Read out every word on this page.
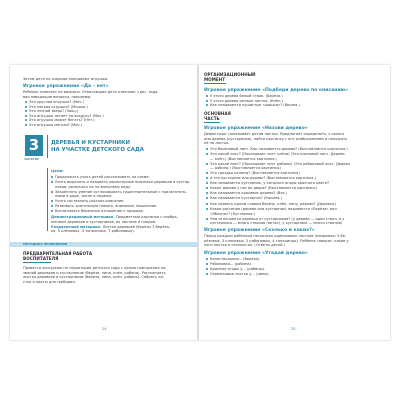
Затем дети по очереди описывают игрушки.
Игровое упражнение «Да – нет»
Ребёнок отвечает на вопросы. Отвечающие дети отвечают «да», зада-
вая наводящие вопросы, например:
Это круглая игрушка? (Мяч.)
Это мягкая игрушка? (Мишка.)
Это лесной зверь? (Заяц.)
Эта игрушка летает по воздуху? (Мяч.)
Эта игрушка может бегать? (Нет.)
Эта игрушка мягкая? (Мяч.)
3
ЗАНЯТИЕ
ДЕРЕВЬЯ И КУСТАРНИКИ
НА УЧАСТКЕ ДЕТСКОГО САДА
Цели:
Продолжать учить детей рассказывать по схеме.
Учить выделять и называть характерные признаки деревьев и кустар-
ников; различать их по внешнему виду.
Закреплять умение согласовывать существительные с прилагатель-
ными в роде, числе и падеже.
Учить составлять рассказ-описание.
Развивать зрительную память, внимание, мышление.
Воспитывать бережное отношение к природе.
Демонстрационный материал. Предметные картинки с изобра-
жением деревьев и кустарников, их листьев и плодов.
Раздаточный материал. Листья деревьев (берёзы 3 берёза-
ка, 3 клёновых, 4 тополиных, 7 рябиновых).
МЕТОДИКА ПРОВЕДЕНИЯ
ПРЕДВАРИТЕЛЬНАЯ РАБОТА
ВОСПИТАТЕЛЯ
Провести экскурсию по территории детского сада с целью повторения на-
званий деревьев и кустарников (берёза, липа, клён, рябина). Рассмотреть
листья деревьев и кустарников (берёза, липа, клён, рябина). Собрать ли-
стья и цветы для гербария.
24
ОРГАНИЗАЦИОННЫЙ
МОМЕНТ
Игровое упражнение «Подбери дерево по описанию»
У этого дерева белый ствол. (Берёза.)
У этого дерева резные листья. (Клён.)
Как называются пушистые «шишки»? (Вишня.)
ОСНОВНАЯ
ЧАСТЬ
Игровое упражнение «Назови дерево»
Дефектолог показывает детям листья. Предлагает определить, с какого
они дерева (кустарника), найти картинку с его изображением и положить
её на листья.
Это берёзовый лист. Как называется дерево? (Выставляется картинка.)
Это какой лист? (Показывает лист клёна) (Это кленовый лист. Дерево
— клён.) (Выставляется картинка.)
Это какой лист? (Показывает лист рябины) (Это рябиновый лист. Дерево
— рябина.) (Выставляется картинка.)
Это гроздья калины? (Выставляется картинка)
А это кустарник или дерево? (Выставляется картинка.)
Как называется кустарник, у которого ягоды красного цвета?
Какое дерево у нас во дворе? (Выставляется картинка.)
Как называется красивое дерево? (Вяз.)
Как называется кустарник? (Калина.)
Как назвать одним словом берёзу, клён, липу, дерево? (Деревья.)
Какое растение (дерево или кустарник) называется «Берёза» или
«Яблоня»? (Кустарник.)
Чем отличаются деревья от кустарников? (у дерева — один ствол, а у
кустарника — много стволов (веток), у кустарника — много стволов)
Игровое упражнение «Сколько и каких?»
Перед каждым ребёнком несколько одинаковых листьев (например: 5 бе-
рёзовых, 3 кленовых, 2 рябиновых, 4 тополиных). Ребёнок говорит, какие у
него листья и сколько их. (Ответы детей.)
Игровое упражнение «Угадай дерево»
Белоствольная... (берёза).
Рябиновая... (рябина).
Красные ягоды у... (рябины).
Серёжковые листья у... (липы).
25
